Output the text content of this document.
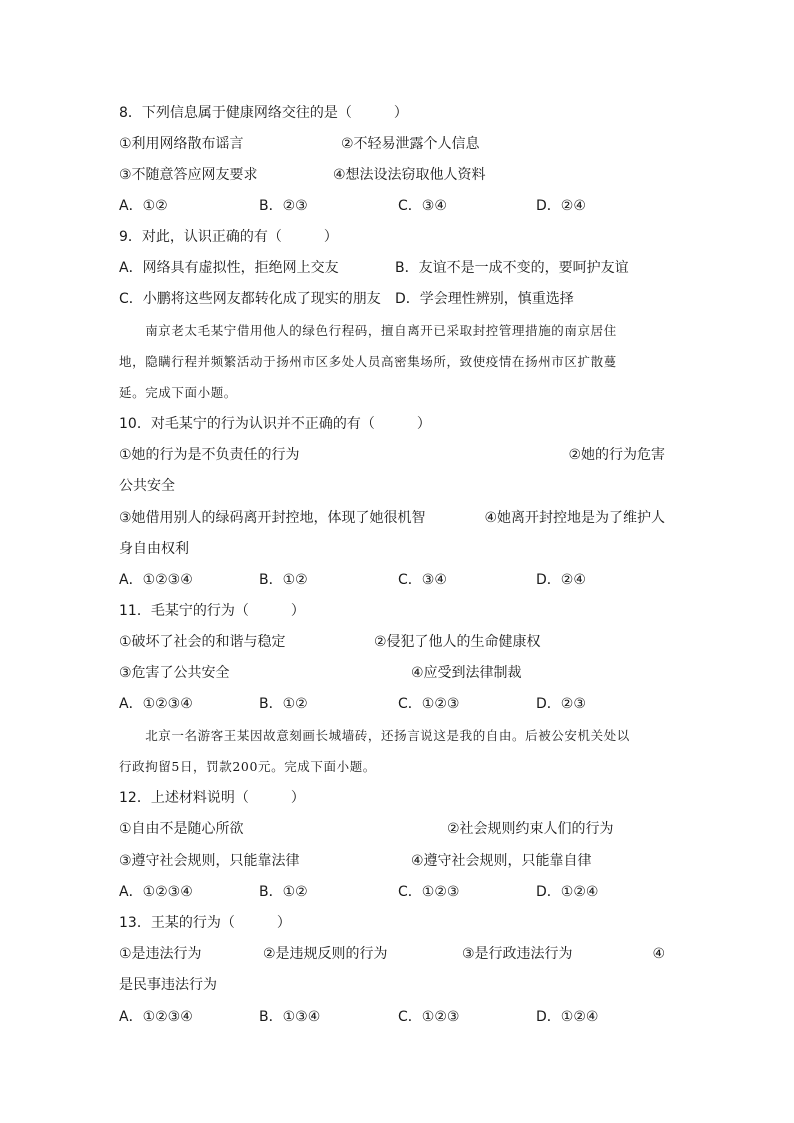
8．下列信息属于健康网络交往的是（　　　）
①利用网络散布谣言	②不轻易泄露个人信息
③不随意答应网友要求	④想法设法窃取他人资料
A．①②	B．②③	C．③④	D．②④
9．对此，认识正确的有（　　　）
A．网络具有虚拟性，拒绝网上交友	B．友谊不是一成不变的，要呵护友谊
C．小鹏将这些网友都转化成了现实的朋友 D．学会理性辨别，慎重选择
　　南京老太毛某宁借用他人的绿色行程码，擅自离开已采取封控管理措施的南京居住
地，隐瞒行程并频繁活动于扬州市区多处人员高密集场所，致使疫情在扬州市区扩散蔓
延。完成下面小题。
10．对毛某宁的行为认识并不正确的有（　　　）
①她的行为是不负责任的行为	②她的行为危害
公共安全
③她借用别人的绿码离开封控地，体现了她很机智	④她离开封控地是为了维护人
身自由权利
A．①②③④	B．①②	C．③④	D．②④
11．毛某宁的行为（　　　）
①破坏了社会的和谐与稳定	②侵犯了他人的生命健康权
③危害了公共安全	④应受到法律制裁
A．①②③④	B．①②	C．①②③	D．②③
　　北京一名游客王某因故意刻画长城墙砖，还扬言说这是我的自由。后被公安机关处以
行政拘留5日，罚款200元。完成下面小题。
12．上述材料说明（　　　）
①自由不是随心所欲	②社会规则约束人们的行为
③遵守社会规则，只能靠法律	④遵守社会规则，只能靠自律
A．①②③④	B．①②	C．①②③	D．①②④
13．王某的行为（　　　）
①是违法行为	②是违规反则的行为	③是行政违法行为	④
是民事违法行为
A．①②③④	B．①③④	C．①②③	D．①②④
